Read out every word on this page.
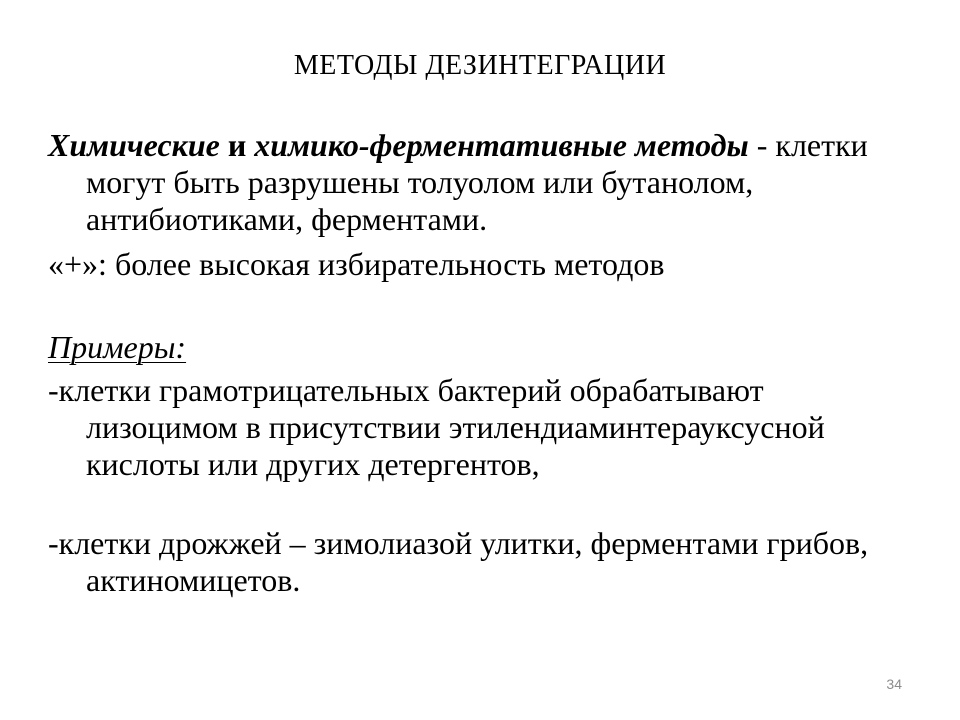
МЕТОДЫ ДЕЗИНТЕГРАЦИИ

Химические и химико-ферментативные методы - клетки могут быть разрушены толуолом или бутанолом, антибиотиками, ферментами.

«+»: более высокая избирательность методов

Примеры:

-клетки грамотрицательных бактерий обрабатывают лизоцимом в присутствии этилендиаминтерауксусной кислоты или других детергентов,

-клетки дрожжей – зимолиазой улитки, ферментами грибов, актиномицетов.

34
